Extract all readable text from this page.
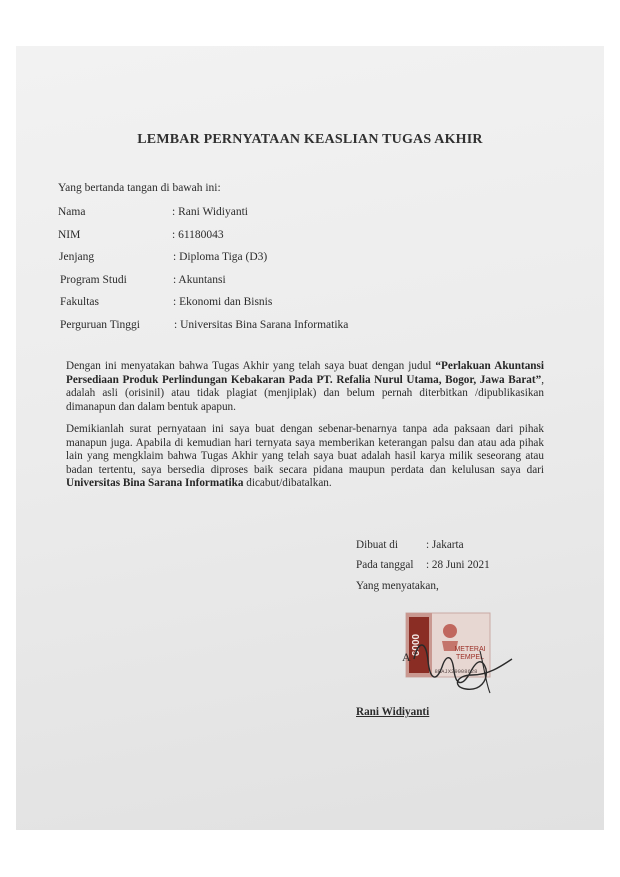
LEMBAR PERNYATAAN KEASLIAN TUGAS AKHIR
Yang bertanda tangan di bawah ini:
Nama	: Rani Widiyanti
NIM	: 61180043
Jenjang	: Diploma Tiga (D3)
Program Studi	: Akuntansi
Fakultas	: Ekonomi dan Bisnis
Perguruan Tinggi	: Universitas Bina Sarana Informatika
Dengan ini menyatakan bahwa Tugas Akhir yang telah saya buat dengan judul “Perlakuan Akuntansi Persediaan Produk Perlindungan Kebakaran Pada PT. Refalia Nurul Utama, Bogor, Jawa Barat”, adalah asli (orisinil) atau tidak plagiat (menjiplak) dan belum pernah diterbitkan /dipublikasikan dimanapun dan dalam bentuk apapun.
Demikianlah surat pernyataan ini saya buat dengan sebenar-benarnya tanpa ada paksaan dari pihak manapun juga. Apabila di kemudian hari ternyata saya memberikan keterangan palsu dan atau ada pihak lain yang mengklaim bahwa Tugas Akhir yang telah saya buat adalah hasil karya milik seseorang atau badan tertentu, saya bersedia diproses baik secara pidana maupun perdata dan kelulusan saya dari Universitas Bina Sarana Informatika dicabut/dibatalkan.
Dibuat di	: Jakarta
Pada tanggal : 28 Juni 2021
Yang menyatakan,
6000	METERAI
TEMPEL
8BAJX29008628
A
Rani Widiyanti
